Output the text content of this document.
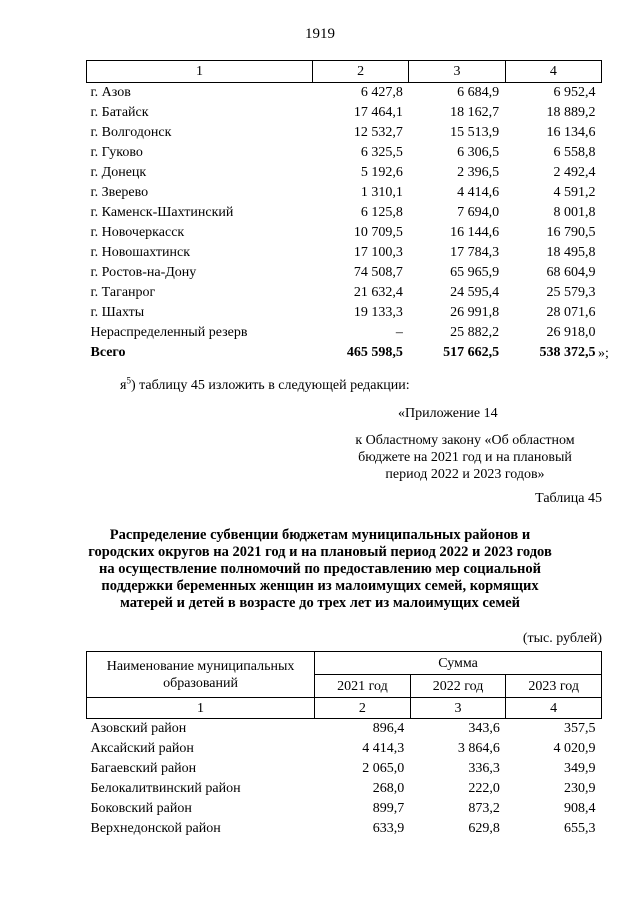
1919
1	2	3	4
г. Азов	6 427,8	6 684,9	6 952,4
г. Батайск	17 464,1	18 162,7	18 889,2
г. Волгодонск	12 532,7	15 513,9	16 134,6
г. Гуково	6 325,5	6 306,5	6 558,8
г. Донецк	5 192,6	2 396,5	2 492,4
г. Зверево	1 310,1	4 414,6	4 591,2
г. Каменск-Шахтинский	6 125,8	7 694,0	8 001,8
г. Новочеркасск	10 709,5	16 144,6	16 790,5
г. Новошахтинск	17 100,3	17 784,3	18 495,8
г. Ростов-на-Дону	74 508,7	65 965,9	68 604,9
г. Таганрог	21 632,4	24 595,4	25 579,3
г. Шахты	19 133,3	26 991,8	28 071,6
Нераспределенный резерв	–	25 882,2	26 918,0
Всего	465 598,5	517 662,5	538 372,5 »;
$я^5$) таблицу 45 изложить в следующей редакции:
«Приложение 14
к Областному закону «Об областном
бюджете на 2021 год и на плановый
период 2022 и 2023 годов»
Таблица 45
Распределение субвенции бюджетам муниципальных районов и
городских округов на 2021 год и на плановый период 2022 и 2023 годов
на осуществление полномочий по предоставлению мер социальной
поддержки беременных женщин из малоимущих семей, кормящих
матерей и детей в возрасте до трех лет из малоимущих семей
(тыс. рублей)
Наименование муниципальных
образований	Сумма		
	2021 год	2022 год	2023 год
1	2	3	4
Азовский район	896,4	343,6	357,5
Аксайский район	4 414,3	3 864,6	4 020,9
Багаевский район	2 065,0	336,3	349,9
Белокалитвинский район	268,0	222,0	230,9
Боковский район	899,7	873,2	908,4
Верхнедонской район	633,9	629,8	655,3
